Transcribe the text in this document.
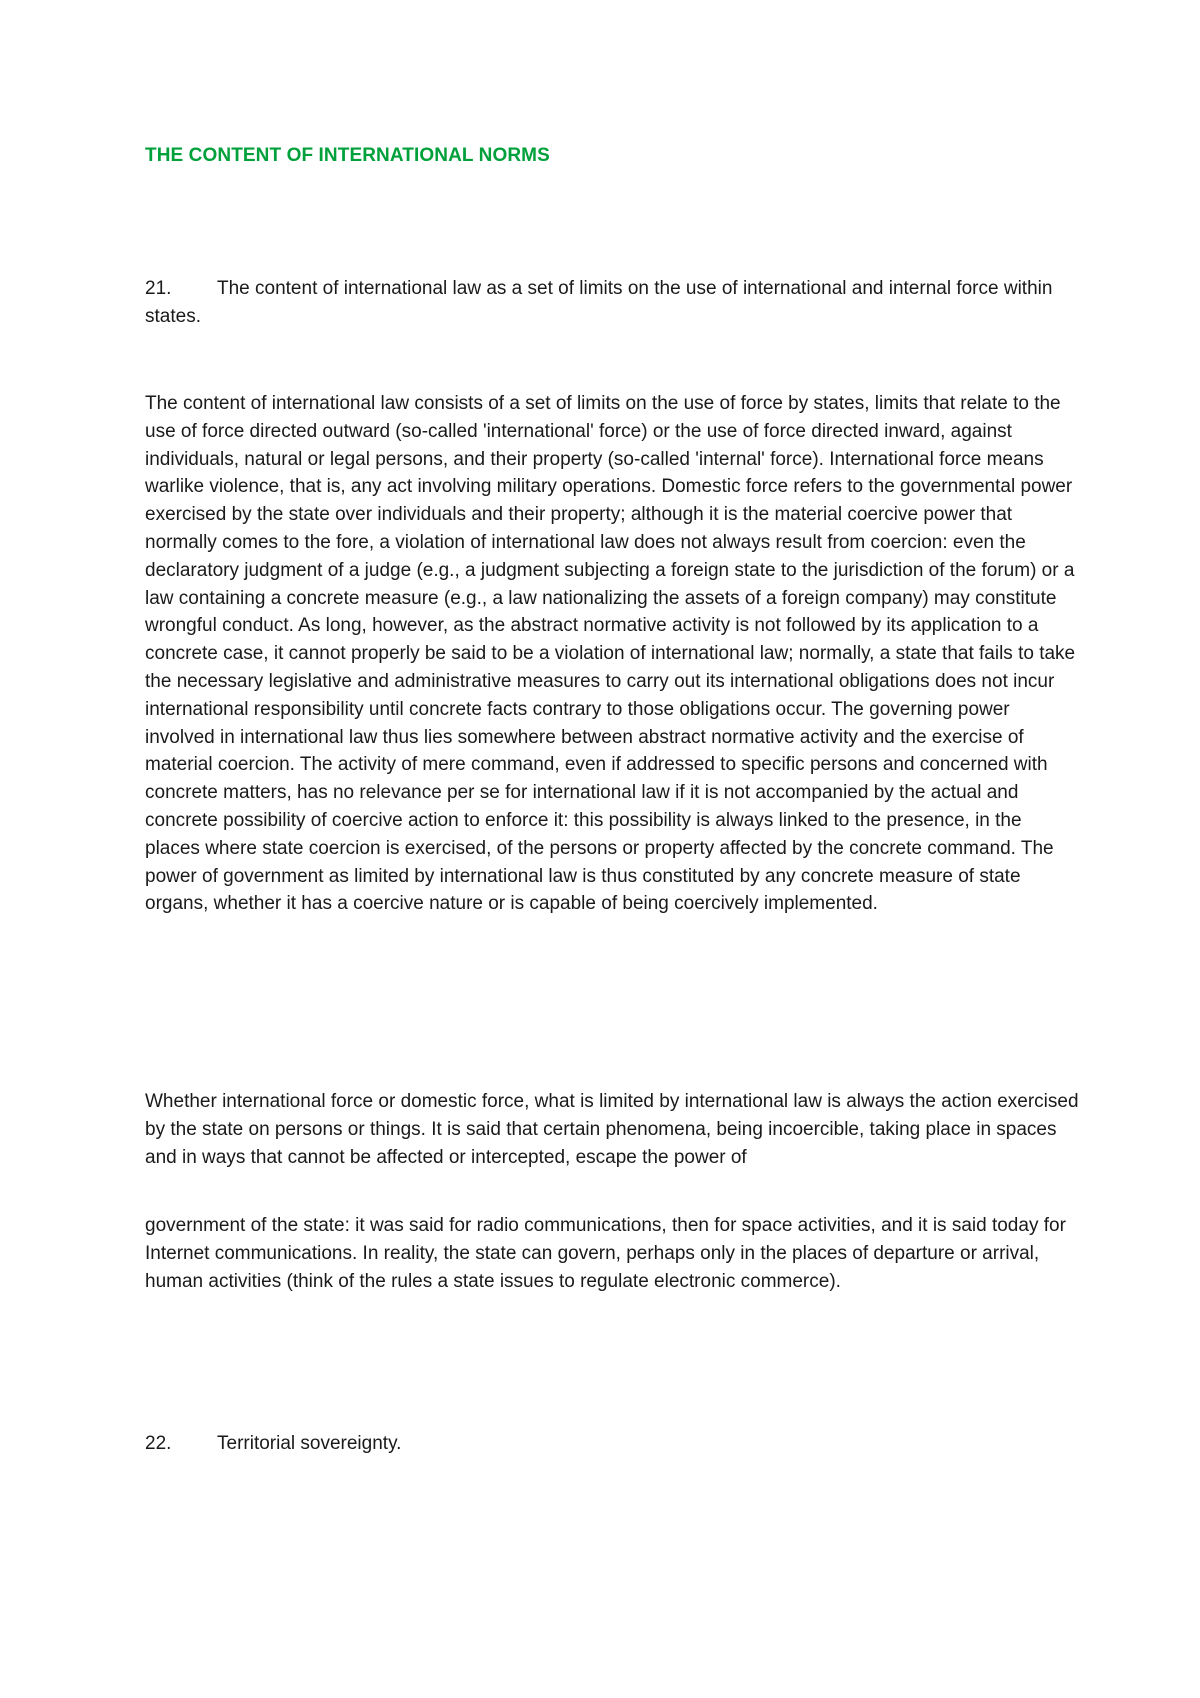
THE CONTENT OF INTERNATIONAL NORMS

21. The content of international law as a set of limits on the use of international and internal force within states.

The content of international law consists of a set of limits on the use of force by states, limits that relate to the use of force directed outward (so-called 'international' force) or the use of force directed inward, against individuals, natural or legal persons, and their property (so-called 'internal' force). International force means warlike violence, that is, any act involving military operations. Domestic force refers to the governmental power exercised by the state over individuals and their property; although it is the material coercive power that normally comes to the fore, a violation of international law does not always result from coercion: even the declaratory judgment of a judge (e.g., a judgment subjecting a foreign state to the jurisdiction of the forum) or a law containing a concrete measure (e.g., a law nationalizing the assets of a foreign company) may constitute wrongful conduct. As long, however, as the abstract normative activity is not followed by its application to a concrete case, it cannot properly be said to be a violation of international law; normally, a state that fails to take the necessary legislative and administrative measures to carry out its international obligations does not incur international responsibility until concrete facts contrary to those obligations occur. The governing power involved in international law thus lies somewhere between abstract normative activity and the exercise of material coercion. The activity of mere command, even if addressed to specific persons and concerned with concrete matters, has no relevance per se for international law if it is not accompanied by the actual and concrete possibility of coercive action to enforce it: this possibility is always linked to the presence, in the places where state coercion is exercised, of the persons or property affected by the concrete command. The power of government as limited by international law is thus constituted by any concrete measure of state organs, whether it has a coercive nature or is capable of being coercively implemented.

Whether international force or domestic force, what is limited by international law is always the action exercised by the state on persons or things. It is said that certain phenomena, being incoercible, taking place in spaces and in ways that cannot be affected or intercepted, escape the power of

government of the state: it was said for radio communications, then for space activities, and it is said today for Internet communications. In reality, the state can govern, perhaps only in the places of departure or arrival, human activities (think of the rules a state issues to regulate electronic commerce).

22. Territorial sovereignty.
